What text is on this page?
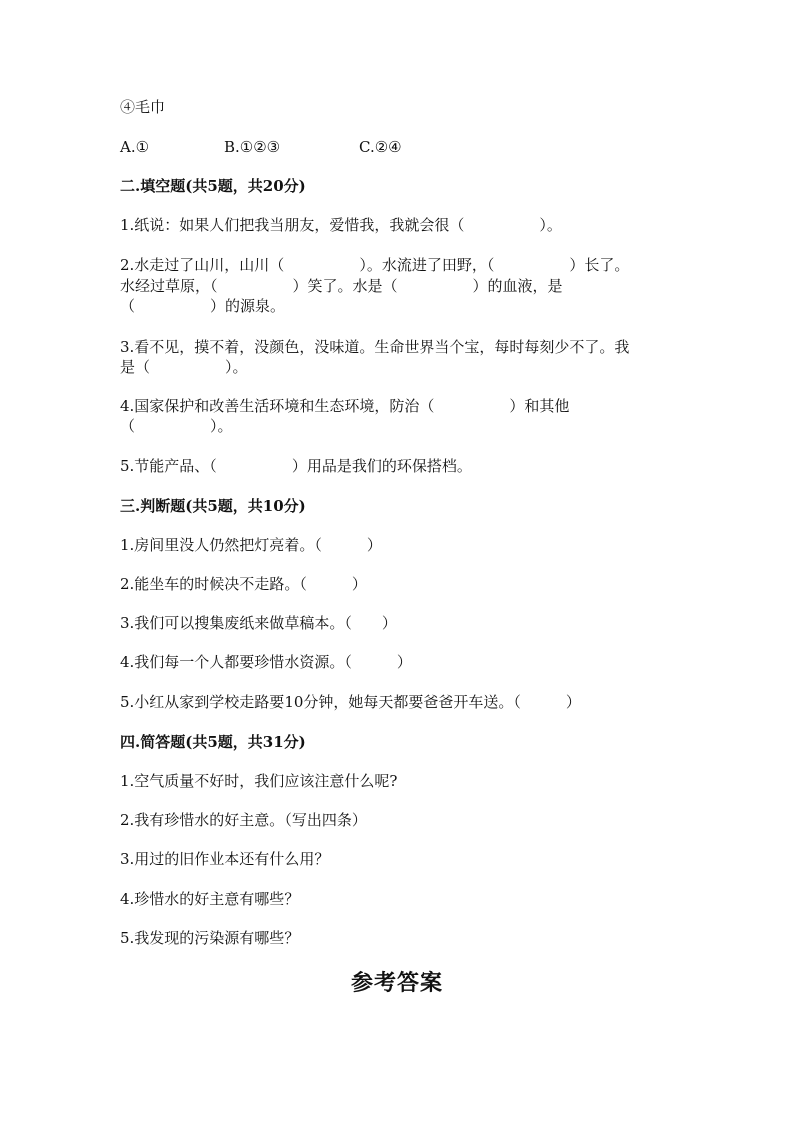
④毛巾
A.①	B.①②③	C.②④
二.填空题(共5题，共20分)
1.纸说：如果人们把我当朋友，爱惜我，我就会很（　　　　　）。
2.水走过了山川，山川（　　　　　）。水流进了田野，（　　　　　）长了。
水经过草原，（　　　　　）笑了。水是（　　　　　）的血液，是
（　　　　　）的源泉。
3.看不见，摸不着，没颜色，没味道。生命世界当个宝，每时每刻少不了。我
是（　　　　　）。
4.国家保护和改善生活环境和生态环境，防治（　　　　　）和其他
（　　　　　）。
5.节能产品、（　　　　　）用品是我们的环保搭档。
三.判断题(共5题，共10分)
1.房间里没人仍然把灯亮着。（　　　）
2.能坐车的时候决不走路。（　　　）
3.我们可以搜集废纸来做草稿本。（　　）
4.我们每一个人都要珍惜水资源。（　　　）
5.小红从家到学校走路要10分钟，她每天都要爸爸开车送。（　　　）
四.简答题(共5题，共31分)
1.空气质量不好时，我们应该注意什么呢?
2.我有珍惜水的好主意。（写出四条）
3.用过的旧作业本还有什么用？
4.珍惜水的好主意有哪些？
5.我发现的污染源有哪些？
参考答案
